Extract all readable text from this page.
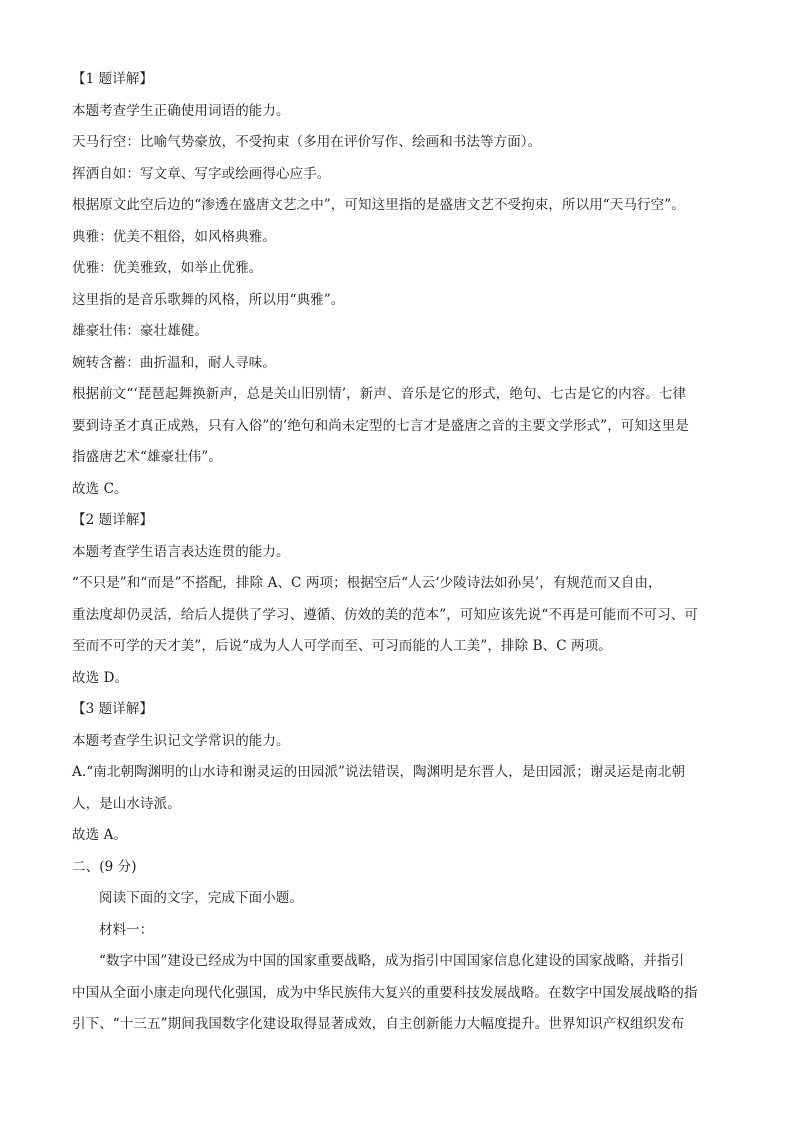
【1 题详解】
本题考查学生正确使用词语的能力。
天马行空：比喻气势豪放，不受拘束（多用在评价写作、绘画和书法等方面）。
挥洒自如：写文章、写字或绘画得心应手。
根据原文此空后边的“渗透在盛唐文艺之中”，可知这里指的是盛唐文艺不受拘束，所以用“天马行空”。
典雅：优美不粗俗，如风格典雅。
优雅：优美雅致，如举止优雅。
这里指的是音乐歌舞的风格，所以用“典雅”。
雄豪壮伟：豪壮雄健。
婉转含蓄：曲折温和，耐人寻味。
根据前文“‘琵琶起舞换新声，总是关山旧别情’，新声、音乐是它的形式，绝句、七古是它的内容。七律
要到诗圣才真正成熟，只有入俗”的’绝句和尚未定型的七言才是盛唐之音的主要文学形式”，可知这里是
指盛唐艺术“雄豪壮伟”。
故选 C。
【2 题详解】
本题考查学生语言表达连贯的能力。
“不只是”和“而是”不搭配，排除 A、C 两项；根据空后“人云‘少陵诗法如孙吴’，有规范而又自由，
重法度却仍灵活，给后人提供了学习、遵循、仿效的美的范本”，可知应该先说“不再是可能而不可习、可
至而不可学的天才美”，后说“成为人人可学而至、可习而能的人工美”，排除 B、C 两项。
故选 D。
【3 题详解】
本题考查学生识记文学常识的能力。
A.“南北朝陶渊明的山水诗和谢灵运的田园派”说法错误，陶渊明是东晋人，是田园派；谢灵运是南北朝
人，是山水诗派。
故选 A。
二、(9 分)
阅读下面的文字，完成下面小题。
材料一：
“数字中国”建设已经成为中国的国家重要战略，成为指引中国国家信息化建设的国家战略，并指引
中国从全面小康走向现代化强国，成为中华民族伟大复兴的重要科技发展战略。在数字中国发展战略的指
引下、“十三五”期间我国数字化建设取得显著成效，自主创新能力大幅度提升。世界知识产权组织发布
